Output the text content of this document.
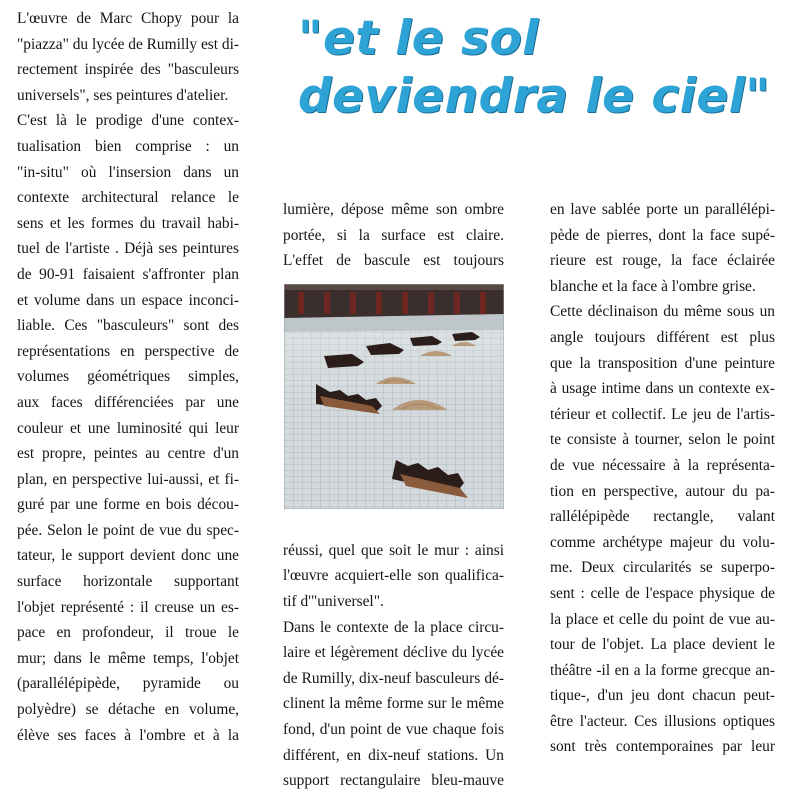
"et le sol
deviendra le ciel"

L'œuvre de Marc Chopy pour la
"piazza" du lycée de Rumilly est di-
rectement inspirée des "basculeurs
universels", ses peintures d'atelier.
C'est là le prodige d'une contex-
tualisation bien comprise : un
"in-situ" où l'insersion dans un
contexte architectural relance le
sens et les formes du travail habi-
tuel de l'artiste . Déjà ses peintures
de 90-91 faisaient s'affronter plan
et volume dans un espace inconci-
liable. Ces "basculeurs" sont des
représentations en perspective de
volumes géométriques simples,
aux faces différenciées par une
couleur et une luminosité qui leur
est propre, peintes au centre d'un
plan, en perspective lui-aussi, et fi-
guré par une forme en bois décou-
pée. Selon le point de vue du spec-
tateur, le support devient donc une
surface horizontale supportant
l'objet représenté : il creuse un es-
pace en profondeur, il troue le
mur; dans le même temps, l'objet
(parallélépipède, pyramide ou
polyèdre) se détache en volume,
élève ses faces à l'ombre et à la

lumière, dépose même son ombre
portée, si la surface est claire.
L'effet de bascule est toujours

réussi, quel que soit le mur : ainsi
l'œuvre acquiert-elle son qualifica-
tif d'"universel".
Dans le contexte de la place circu-
laire et légèrement déclive du lycée
de Rumilly, dix-neuf basculeurs dé-
clinent la même forme sur le même
fond, d'un point de vue chaque fois
différent, en dix-neuf stations. Un
support rectangulaire bleu-mauve

en lave sablée porte un parallélépi-
pède de pierres, dont la face supé-
rieure est rouge, la face éclairée
blanche et la face à l'ombre grise.
Cette déclinaison du même sous un
angle toujours différent est plus
que la transposition d'une peinture
à usage intime dans un contexte ex-
térieur et collectif. Le jeu de l'artis-
te consiste à tourner, selon le point
de vue nécessaire à la représenta-
tion en perspective, autour du pa-
rallélépipède rectangle, valant
comme archétype majeur du volu-
me. Deux circularités se superpo-
sent : celle de l'espace physique de
la place et celle du point de vue au-
tour de l'objet. La place devient le
théâtre -il en a la forme grecque an-
tique-, d'un jeu dont chacun peut-
être l'acteur. Ces illusions optiques
sont très contemporaines par leur
